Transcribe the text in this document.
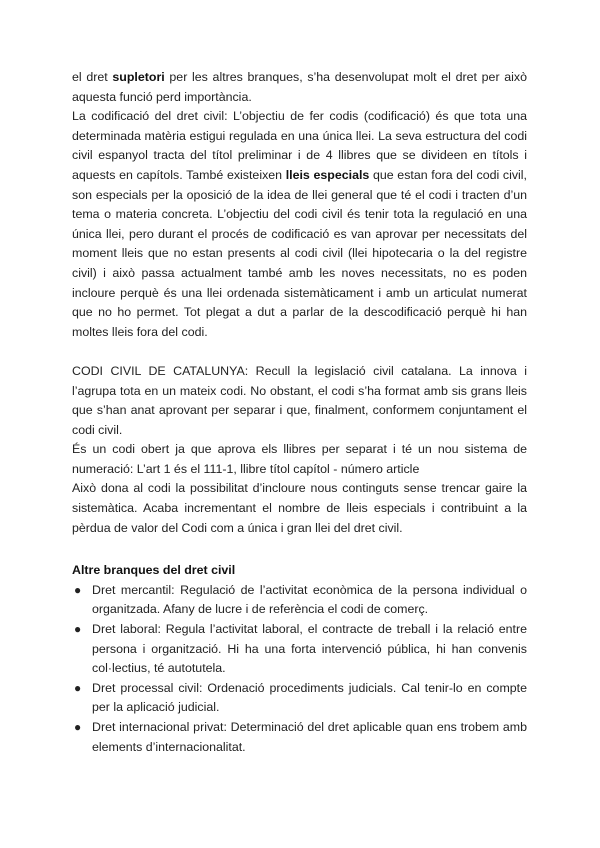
el dret supletori per les altres branques, s’ha desenvolupat molt el dret per això aquesta funció perd importància.

La codificació del dret civil: L’objectiu de fer codis (codificació) és que tota una determinada matèria estigui regulada en una única llei. La seva estructura del codi civil espanyol tracta del títol preliminar i de 4 llibres que se divideen en títols i aquests en capítols. També existeixen lleis especials que estan fora del codi civil, son especials per la oposició de la idea de llei general que té el codi i tracten d’un tema o materia concreta. L’objectiu del codi civil és tenir tota la regulació en una única llei, pero durant el procés de codificació es van aprovar per necessitats del moment lleis que no estan presents al codi civil (llei hipotecaria o la del registre civil) i això passa actualment també amb les noves necessitats, no es poden incloure perquè és una llei ordenada sistemàticament i amb un articulat numerat que no ho permet. Tot plegat a dut a parlar de la descodificació perquè hi han moltes lleis fora del codi.

CODI CIVIL DE CATALUNYA: Recull la legislació civil catalana. La innova i l’agrupa tota en un mateix codi. No obstant, el codi s’ha format amb sis grans lleis que s’han anat aprovant per separar i que, finalment, conformem conjuntament el codi civil.

És un codi obert ja que aprova els llibres per separat i té un nou sistema de numeració: L’art 1 és el 111-1, llibre títol capítol - número article

Això dona al codi la possibilitat d’incloure nous continguts sense trencar gaire la sistemàtica. Acaba incrementant el nombre de lleis especials i contribuint a la pèrdua de valor del Codi com a única i gran llei del dret civil.

Altre branques del dret civil
● Dret mercantil: Regulació de l’activitat econòmica de la persona individual o organitzada. Afany de lucre i de referència el codi de comerç.
● Dret laboral: Regula l’activitat laboral, el contracte de treball i la relació entre persona i organització. Hi ha una forta intervenció pública, hi han convenis col·lectius, té autotutela.
● Dret processal civil: Ordenació procediments judicials. Cal tenir-lo en compte per la aplicació judicial.
● Dret internacional privat: Determinació del dret aplicable quan ens trobem amb elements d’internacionalitat.
